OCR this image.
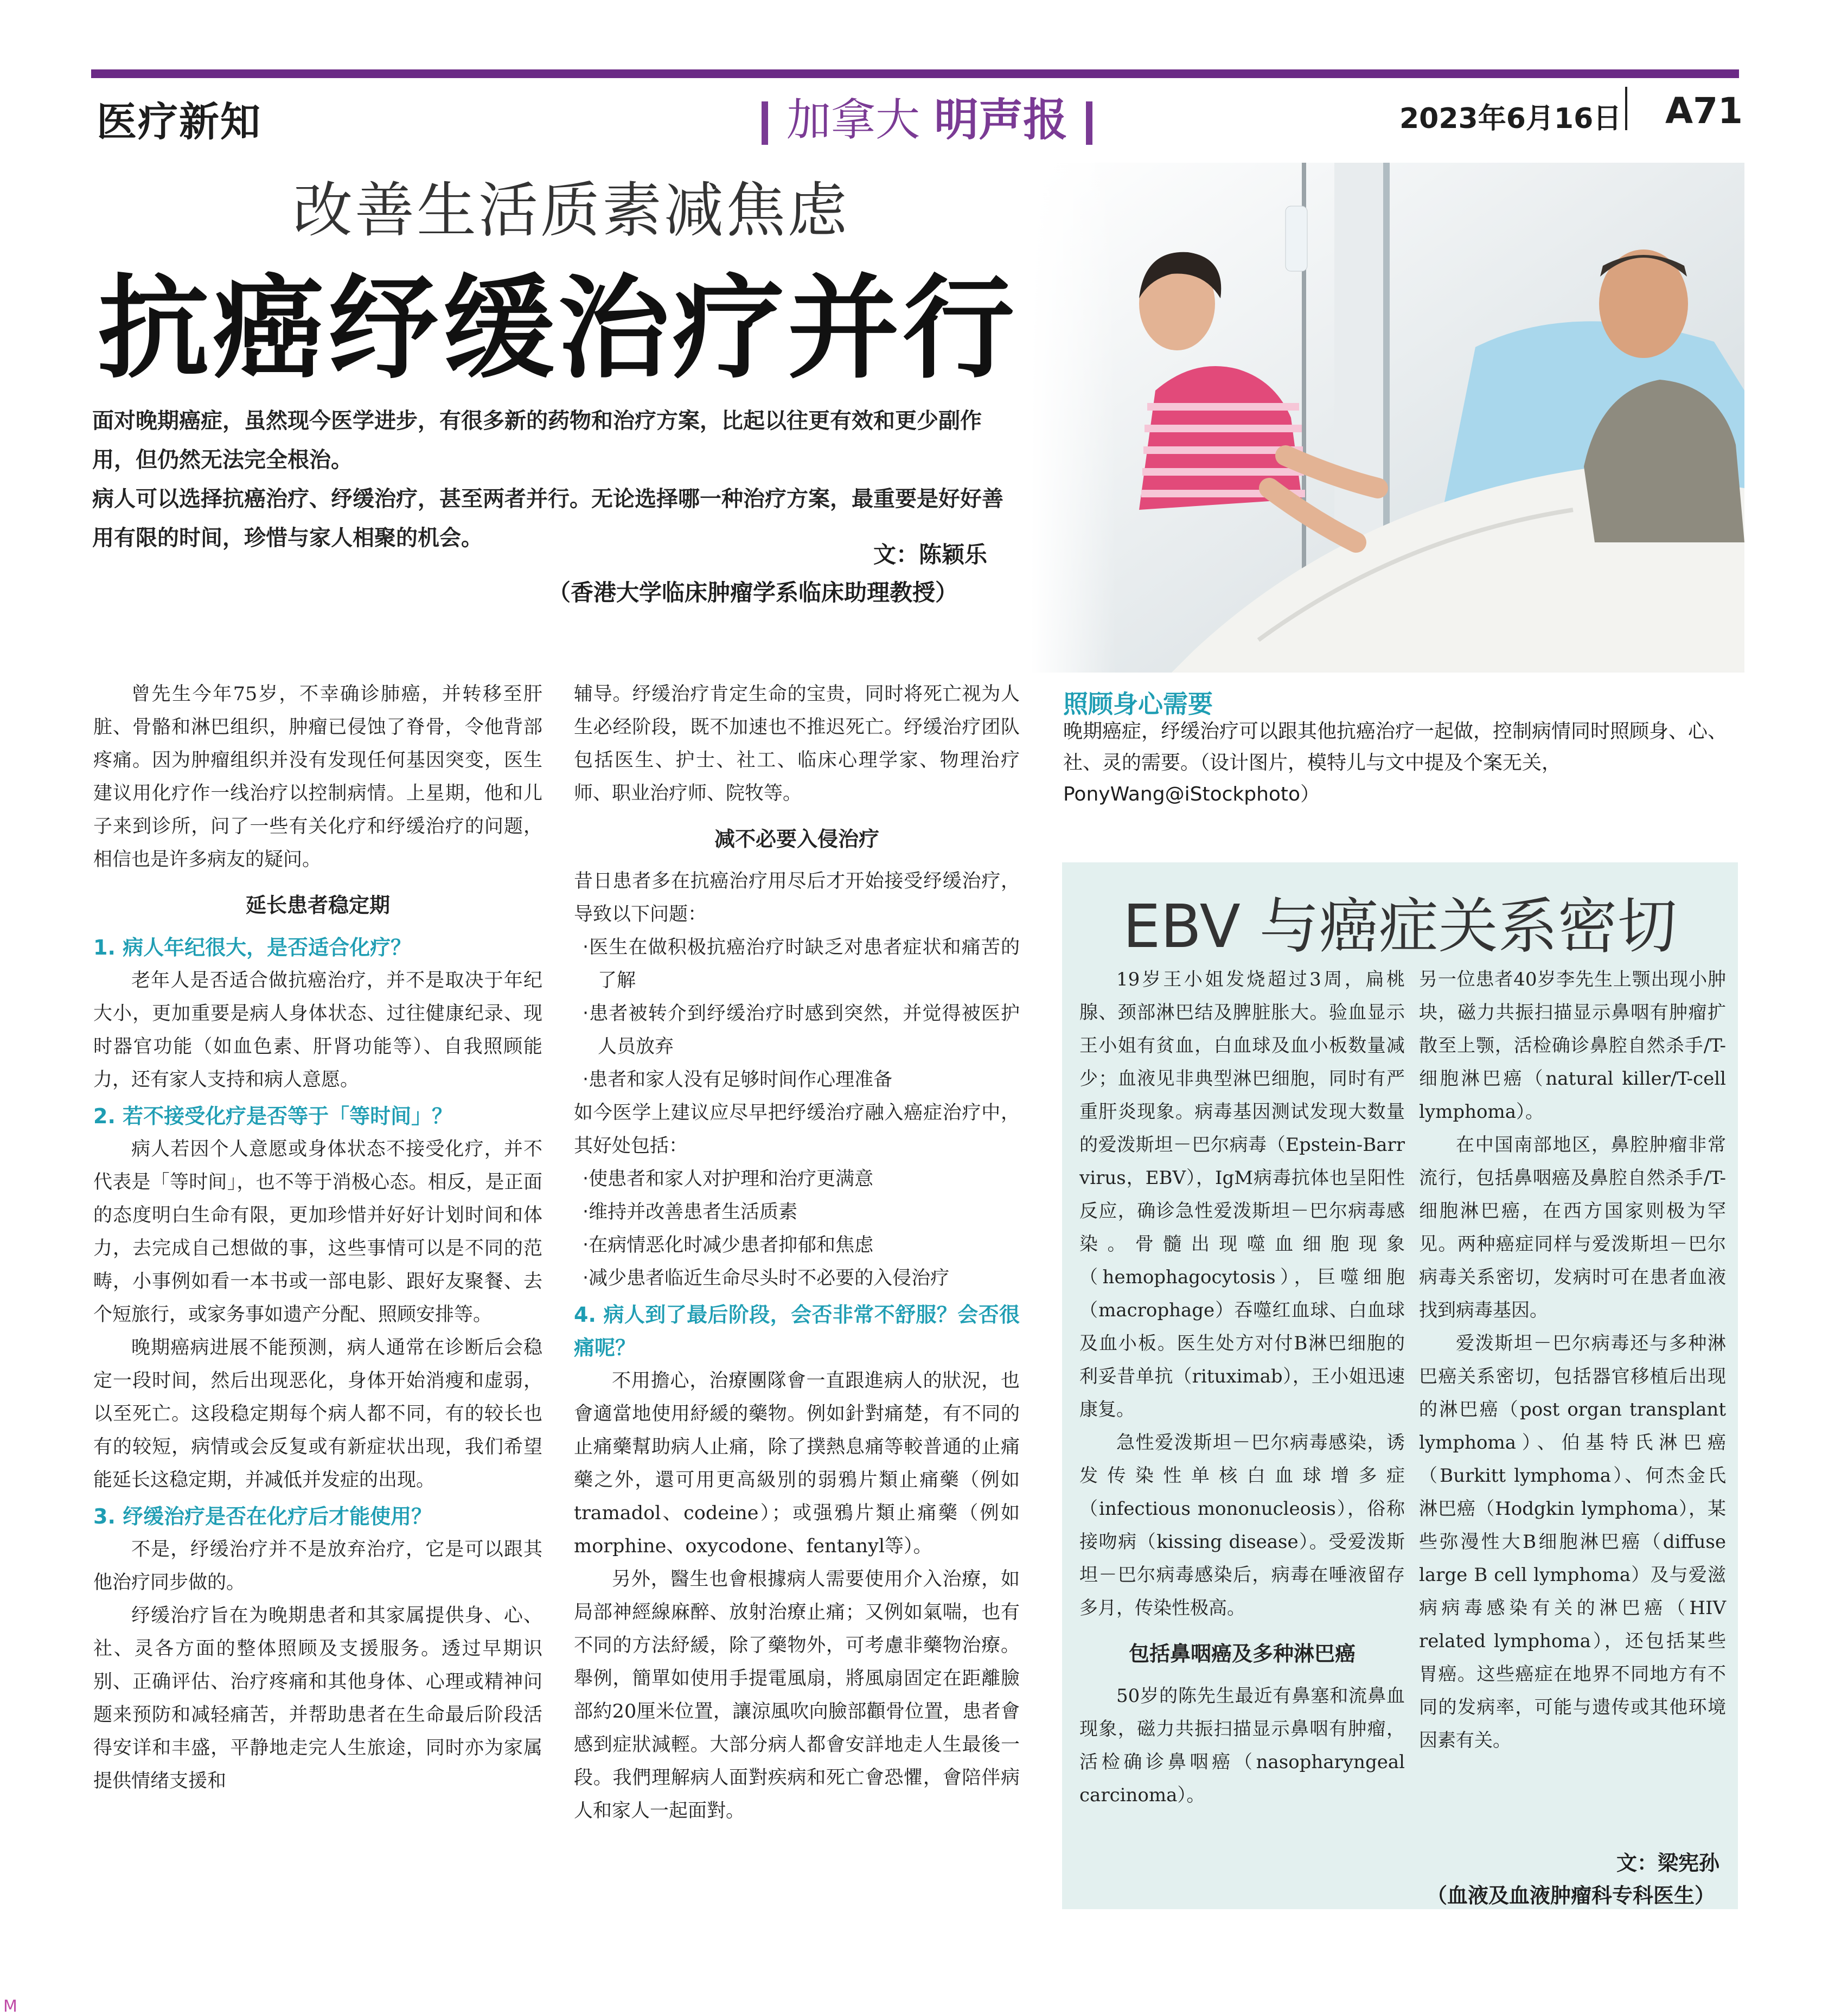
医疗新知	加拿大 明声报	2023年6月16日 A71
改善生活质素减焦虑
抗癌纾缓治疗并行

面对晚期癌症，虽然现今医学进步，有很多新的药物和治疗方案，比起以往更有效和更少副作用，但仍然无法完全根治。

病人可以选择抗癌治疗、纾缓治疗，甚至两者并行。无论选择哪一种治疗方案，最重要是好好善用有限的时间，珍惜与家人相聚的机会。

文：陈颖乐
（香港大学临床肿瘤学系临床助理教授）
照顾身心需要
晚期癌症，纾缓治疗可以跟其他抗癌治疗一起做，控制病情同时照顾身、心、社、灵的需要。（设计图片，模特儿与文中提及个案无关，PonyWang@iStockphoto）

曾先生今年75岁，不幸确诊肺癌，并转移至肝脏、骨骼和淋巴组织，肿瘤已侵蚀了脊骨，令他背部疼痛。因为肿瘤组织并没有发现任何基因突变，医生建议用化疗作一线治疗以控制病情。上星期，他和儿子来到诊所，问了一些有关化疗和纾缓治疗的问题，相信也是许多病友的疑问。

延长患者稳定期
1. 病人年纪很大，是否适合化疗？

老年人是否适合做抗癌治疗，并不是取决于年纪大小，更加重要是病人身体状态、过往健康纪录、现时器官功能（如血色素、肝肾功能等）、自我照顾能力，还有家人支持和病人意愿。

2. 若不接受化疗是否等于「等时间」？

病人若因个人意愿或身体状态不接受化疗，并不代表是「等时间」，也不等于消极心态。相反，是正面的态度明白生命有限，更加珍惜并好好计划时间和体力，去完成自己想做的事，这些事情可以是不同的范畴，小事例如看一本书或一部电影、跟好友聚餐、去个短旅行，或家务事如遗产分配、照顾安排等。

晚期癌病进展不能预测，病人通常在诊断后会稳定一段时间，然后出现恶化，身体开始消瘦和虚弱，以至死亡。这段稳定期每个病人都不同，有的较长也有的较短，病情或会反复或有新症状出现，我们希望能延长这稳定期，并减低并发症的出现。

3. 纾缓治疗是否在化疗后才能使用？

不是，纾缓治疗并不是放弃治疗，它是可以跟其他治疗同步做的。

纾缓治疗旨在为晚期患者和其家属提供身、心、社、灵各方面的整体照顾及支援服务。透过早期识别、正确评估、治疗疼痛和其他身体、心理或精神问题来预防和减轻痛苦，并帮助患者在生命最后阶段活得安详和丰盛，平静地走完人生旅途，同时亦为家属提供情绪支援和

辅导。纾缓治疗肯定生命的宝贵，同时将死亡视为人生必经阶段，既不加速也不推迟死亡。纾缓治疗团队包括医生、护士、社工、临床心理学家、物理治疗师、职业治疗师、院牧等。

减不必要入侵治疗

昔日患者多在抗癌治疗用尽后才开始接受纾缓治疗，导致以下问题：

‧医生在做积极抗癌治疗时缺乏对患者症状和痛苦的了解
‧患者被转介到纾缓治疗时感到突然，并觉得被医护人员放弃
‧患者和家人没有足够时间作心理准备

如今医学上建议应尽早把纾缓治疗融入癌症治疗中，其好处包括：

‧使患者和家人对护理和治疗更满意
‧维持并改善患者生活质素
‧在病情恶化时减少患者抑郁和焦虑
‧减少患者临近生命尽头时不必要的入侵治疗
4. 病人到了最后阶段，会否非常不舒服？会否很痛呢？

不用擔心，治療團隊會一直跟進病人的狀況，也會適當地使用紓緩的藥物。例如針對痛楚，有不同的止痛藥幫助病人止痛，除了撲熱息痛等較普通的止痛藥之外，還可用更高級別的弱鴉片類止痛藥（例如tramadol、codeine）；或强鴉片類止痛藥（例如morphine、oxycodone、fentanyl等）。

另外，醫生也會根據病人需要使用介入治療，如局部神經線麻醉、放射治療止痛；又例如氣喘，也有不同的方法紓緩，除了藥物外，可考慮非藥物治療。舉例，簡單如使用手提電風扇，將風扇固定在距離臉部約20厘米位置，讓涼風吹向臉部顴骨位置，患者會感到症狀減輕。大部分病人都會安詳地走人生最後一段。我們理解病人面對疾病和死亡會恐懼，會陪伴病人和家人一起面對。

EBV 与癌症关系密切

19岁王小姐发烧超过3周，扁桃腺、颈部淋巴结及脾脏胀大。验血显示王小姐有贫血，白血球及血小板数量减少；血液见非典型淋巴细胞，同时有严重肝炎现象。病毒基因测试发现大数量的爱泼斯坦－巴尔病毒（Epstein-Barr virus，EBV），IgM病毒抗体也呈阳性反应，确诊急性爱泼斯坦－巴尔病毒感染。骨髓出现噬血细胞现象（hemophagocytosis），巨噬细胞（macrophage）吞噬红血球、白血球及血小板。医生处方对付B淋巴细胞的利妥昔单抗（rituximab），王小姐迅速康复。

急性爱泼斯坦－巴尔病毒感染，诱发传染性单核白血球增多症（infectious mononucleosis），俗称接吻病（kissing disease）。受爱泼斯坦－巴尔病毒感染后，病毒在唾液留存多月，传染性极高。

包括鼻咽癌及多种淋巴癌

50岁的陈先生最近有鼻塞和流鼻血现象，磁力共振扫描显示鼻咽有肿瘤，活检确诊鼻咽癌（nasopharyngeal carcinoma）。

另一位患者40岁李先生上颚出现小肿块，磁力共振扫描显示鼻咽有肿瘤扩散至上颚，活检确诊鼻腔自然杀手/T-细胞淋巴癌（natural killer/T-cell lymphoma）。

在中国南部地区，鼻腔肿瘤非常流行，包括鼻咽癌及鼻腔自然杀手/T-细胞淋巴癌，在西方国家则极为罕见。两种癌症同样与爱泼斯坦－巴尔病毒关系密切，发病时可在患者血液找到病毒基因。

爱泼斯坦－巴尔病毒还与多种淋巴癌关系密切，包括器官移植后出现的淋巴癌（post organ transplant lymphoma）、伯基特氏淋巴癌（Burkitt lymphoma）、何杰金氏淋巴癌（Hodgkin lymphoma），某些弥漫性大B细胞淋巴癌（diffuse large B cell lymphoma）及与爱滋病病毒感染有关的淋巴癌（HIV related lymphoma），还包括某些胃癌。这些癌症在地界不同地方有不同的发病率，可能与遗传或其他环境因素有关。

文：梁宪孙
（血液及血液肿瘤科专科医生）
M
